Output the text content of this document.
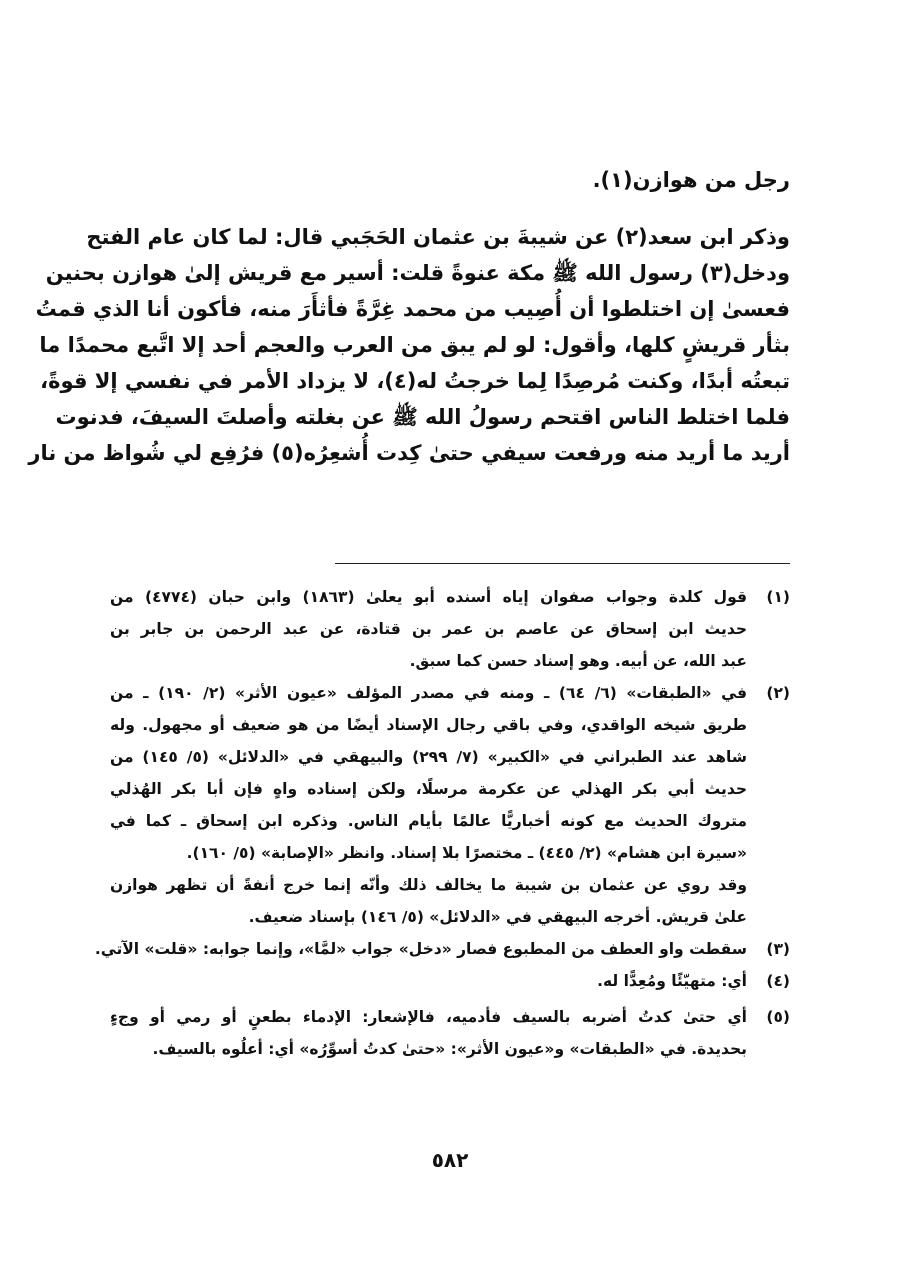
رجل من هوازن(١).
وذكر ابن سعد(٢) عن شيبةَ بن عثمان الحَجَبي قال: لما كان عام الفتح
ودخل(٣) رسول الله ﷺ مكة عنوةً قلت: أسير مع قريش إلىٰ هوازن بحنين
فعسىٰ إن اختلطوا أن أُصِيب من محمد غِرَّةً فأثأَرَ منه، فأكون أنا الذي قمتُ
بثأر قريشٍ كلها، وأقول: لو لم يبق من العرب والعجم أحد إلا اتَّبع محمدًا ما
تبعتُه أبدًا، وكنت مُرصِدًا لِما خرجتُ له(٤)، لا يزداد الأمر في نفسي إلا قوةً،
فلما اختلط الناس اقتحم رسولُ الله ﷺ عن بغلته وأصلتَ السيفَ، فدنوت
أريد ما أريد منه ورفعت سيفي حتىٰ كِدت أُشعِرُه(٥) فرُفِع لي شُواظ من نار
(١)
قول كلدة وجواب صفوان إياه أسنده أبو يعلىٰ (١٨٦٣) وابن حبان (٤٧٧٤) من
حديث ابن إسحاق عن عاصم بن عمر بن قتادة، عن عبد الرحمن بن جابر بن
عبد الله، عن أبيه. وهو إسناد حسن كما سبق.
(٢)
في «الطبقات» (٦/ ٦٤) ـ ومنه في مصدر المؤلف «عيون الأثر» (٢/ ١٩٠) ـ من
طريق شيخه الواقدي، وفي باقي رجال الإسناد أيضًا من هو ضعيف أو مجهول. وله
شاهد عند الطبراني في «الكبير» (٧/ ٢٩٩) والبيهقي في «الدلائل» (٥/ ١٤٥) من
حديث أبي بكر الهذلي عن عكرمة مرسلًا، ولكن إسناده واهٍ فإن أبا بكر الهُذلي
متروك الحديث مع كونه أخباريًّا عالمًا بأيام الناس. وذكره ابن إسحاق ـ كما في
«سيرة ابن هشام» (٢/ ٤٤٥) ـ مختصرًا بلا إسناد. وانظر «الإصابة» (٥/ ١٦٠).
وقد روي عن عثمان بن شيبة ما يخالف ذلك وأنّه إنما خرج أنفةً أن تظهر هوازن
علىٰ قريش. أخرجه البيهقي في «الدلائل» (٥/ ١٤٦) بإسناد ضعيف.
(٣)
سقطت واو العطف من المطبوع فصار «دخل» جواب «لمَّا»، وإنما جوابه: «قلت» الآتي.
(٤)
أي: متهيّئًا ومُعِدًّا له.
(٥)
أي حتىٰ كدتُ أضربه بالسيف فأدميه، فالإشعار: الإدماء بطعنٍ أو رمي أو وجءٍ
بحديدة. في «الطبقات» و«عيون الأثر»: «حتىٰ كدتُ أسوِّرُه» أي: أعلُوه بالسيف.
٥٨٢
